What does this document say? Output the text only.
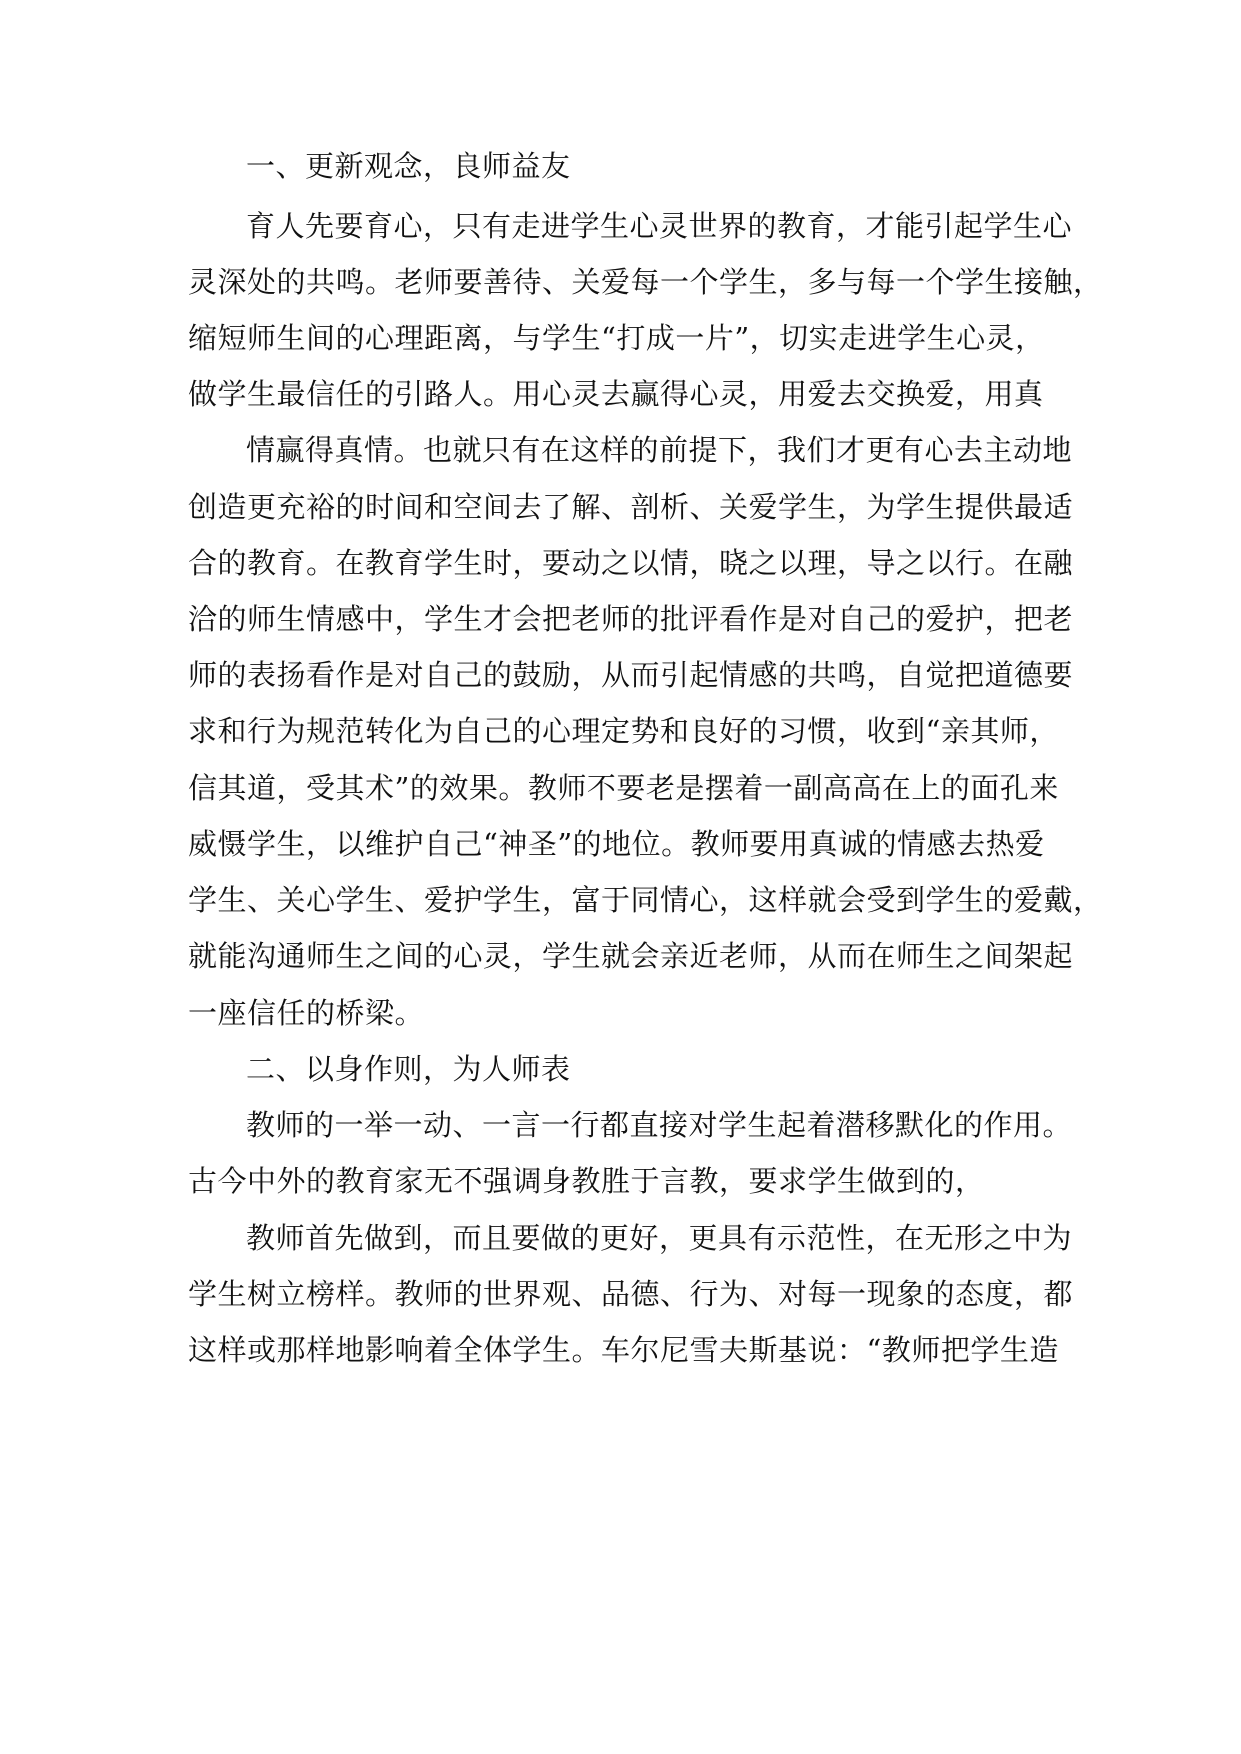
一、更新观念，良师益友
育人先要育心，只有走进学生心灵世界的教育，才能引起学生心
灵深处的共鸣。老师要善待、关爱每一个学生，多与每一个学生接触，
缩短师生间的心理距离，与学生“打成一片”，切实走进学生心灵，
做学生最信任的引路人。用心灵去赢得心灵，用爱去交换爱，用真
情赢得真情。也就只有在这样的前提下，我们才更有心去主动地
创造更充裕的时间和空间去了解、剖析、关爱学生，为学生提供最适
合的教育。在教育学生时，要动之以情，晓之以理，导之以行。在融
洽的师生情感中，学生才会把老师的批评看作是对自己的爱护，把老
师的表扬看作是对自己的鼓励，从而引起情感的共鸣，自觉把道德要
求和行为规范转化为自己的心理定势和良好的习惯，收到“亲其师，
信其道，受其术”的效果。教师不要老是摆着一副高高在上的面孔来
威慑学生，以维护自己“神圣”的地位。教师要用真诚的情感去热爱
学生、关心学生、爱护学生，富于同情心，这样就会受到学生的爱戴，
就能沟通师生之间的心灵，学生就会亲近老师，从而在师生之间架起
一座信任的桥梁。
二、以身作则，为人师表
教师的一举一动、一言一行都直接对学生起着潜移默化的作用。
古今中外的教育家无不强调身教胜于言教，要求学生做到的，
教师首先做到，而且要做的更好，更具有示范性，在无形之中为
学生树立榜样。教师的世界观、品德、行为、对每一现象的态度，都
这样或那样地影响着全体学生。车尔尼雪夫斯基说：“教师把学生造
